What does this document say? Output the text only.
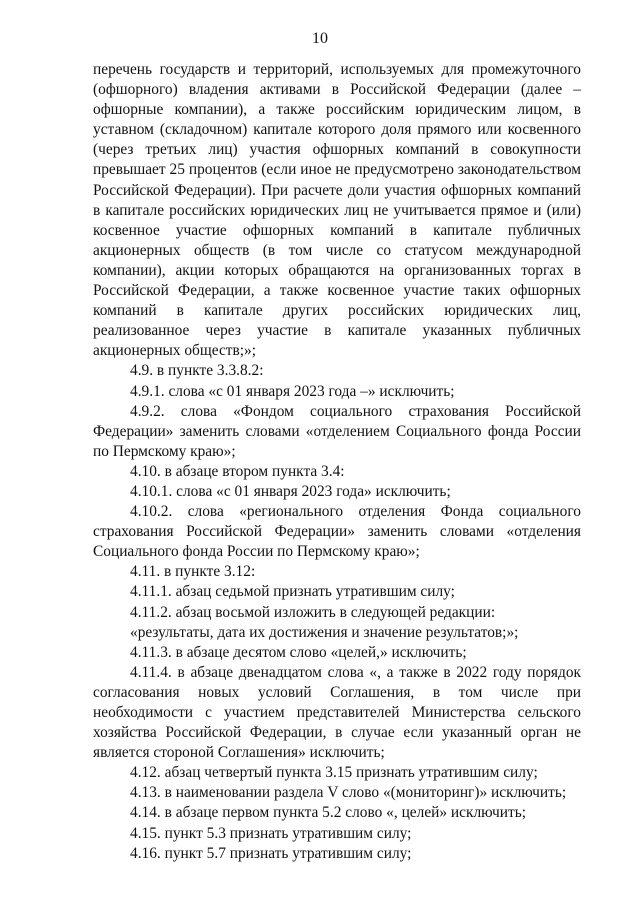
10

перечень государств и территорий, используемых для промежуточного (офшорного) владения активами в Российской Федерации (далее – офшорные компании), а также российским юридическим лицом, в уставном (складочном) капитале которого доля прямого или косвенного (через третьих лиц) участия офшорных компаний в совокупности превышает 25 процентов (если иное не предусмотрено законодательством Российской Федерации). При расчете доли участия офшорных компаний в капитале российских юридических лиц не учитывается прямое и (или) косвенное участие офшорных компаний в капитале публичных акционерных обществ (в том числе со статусом международной компании), акции которых обращаются на организованных торгах в Российской Федерации, а также косвенное участие таких офшорных компаний в капитале других российских юридических лиц, реализованное через участие в капитале указанных публичных акционерных обществ;»;

4.9. в пункте 3.3.8.2:

4.9.1. слова «с 01 января 2023 года –» исключить;

4.9.2. слова «Фондом социального страхования Российской Федерации» заменить словами «отделением Социального фонда России по Пермскому краю»;

4.10. в абзаце втором пункта 3.4:

4.10.1. слова «с 01 января 2023 года» исключить;

4.10.2. слова «регионального отделения Фонда социального страхования Российской Федерации» заменить словами «отделения Социального фонда России по Пермскому краю»;

4.11. в пункте 3.12:

4.11.1. абзац седьмой признать утратившим силу;

4.11.2. абзац восьмой изложить в следующей редакции:

«результаты, дата их достижения и значение результатов;»;

4.11.3. в абзаце десятом слово «целей,» исключить;

4.11.4. в абзаце двенадцатом слова «, а также в 2022 году порядок согласования новых условий Соглашения, в том числе при необходимости с участием представителей Министерства сельского хозяйства Российской Федерации, в случае если указанный орган не является стороной Соглашения» исключить;

4.12. абзац четвертый пункта 3.15 признать утратившим силу;

4.13. в наименовании раздела V слово «(мониторинг)» исключить;

4.14. в абзаце первом пункта 5.2 слово «, целей» исключить;

4.15. пункт 5.3 признать утратившим силу;

4.16. пункт 5.7 признать утратившим силу;
